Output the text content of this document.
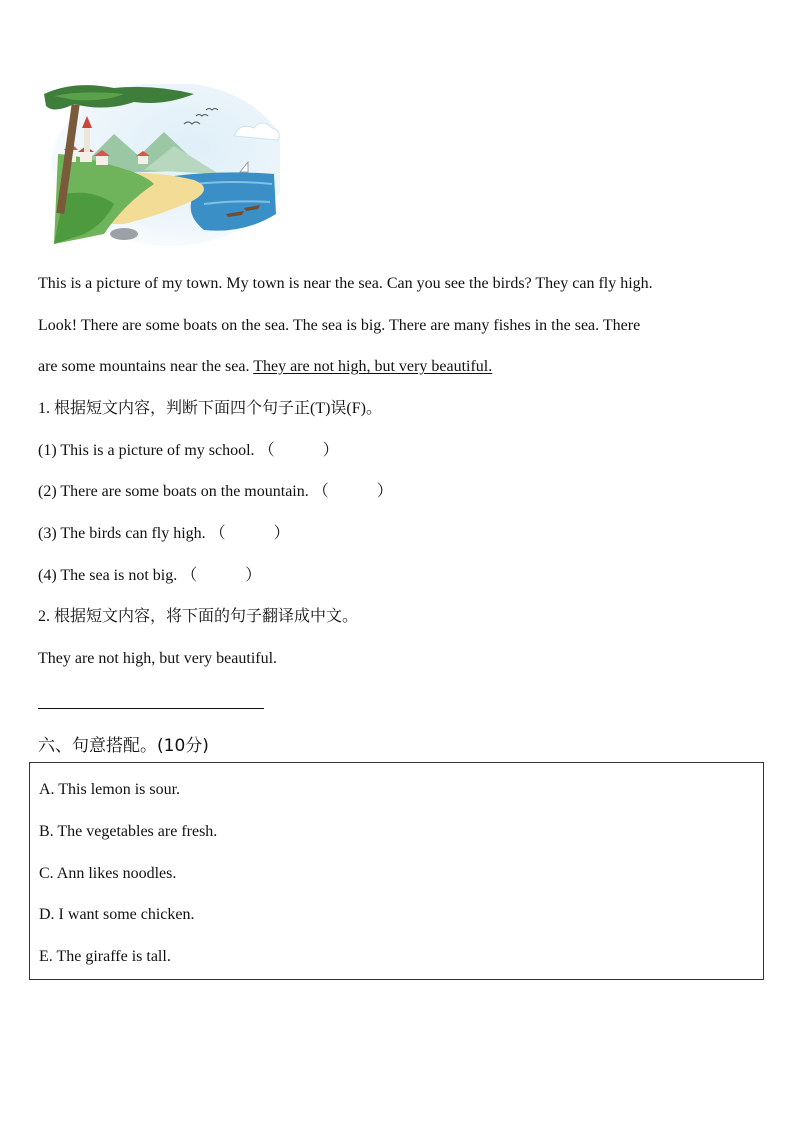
This is a picture of my town. My town is near the sea. Can you see the birds? They can fly high.
Look! There are some boats on the sea. The sea is big. There are many fishes in the sea. There
are some mountains near the sea. They are not high, but very beautiful.
1. 根据短文内容，判断下面四个句子正(T)误(F)。
(1) This is a picture of my school. （　　　）
(2) There are some boats on the mountain. （　　　）
(3) The birds can fly high. （　　　）
(4) The sea is not big. （　　　）
2. 根据短文内容，将下面的句子翻译成中文。
They are not high, but very beautiful.
六、句意搭配。(10分)
A. This lemon is sour.
B. The vegetables are fresh.
C. Ann likes noodles.
D. I want some chicken.
E. The giraffe is tall.
